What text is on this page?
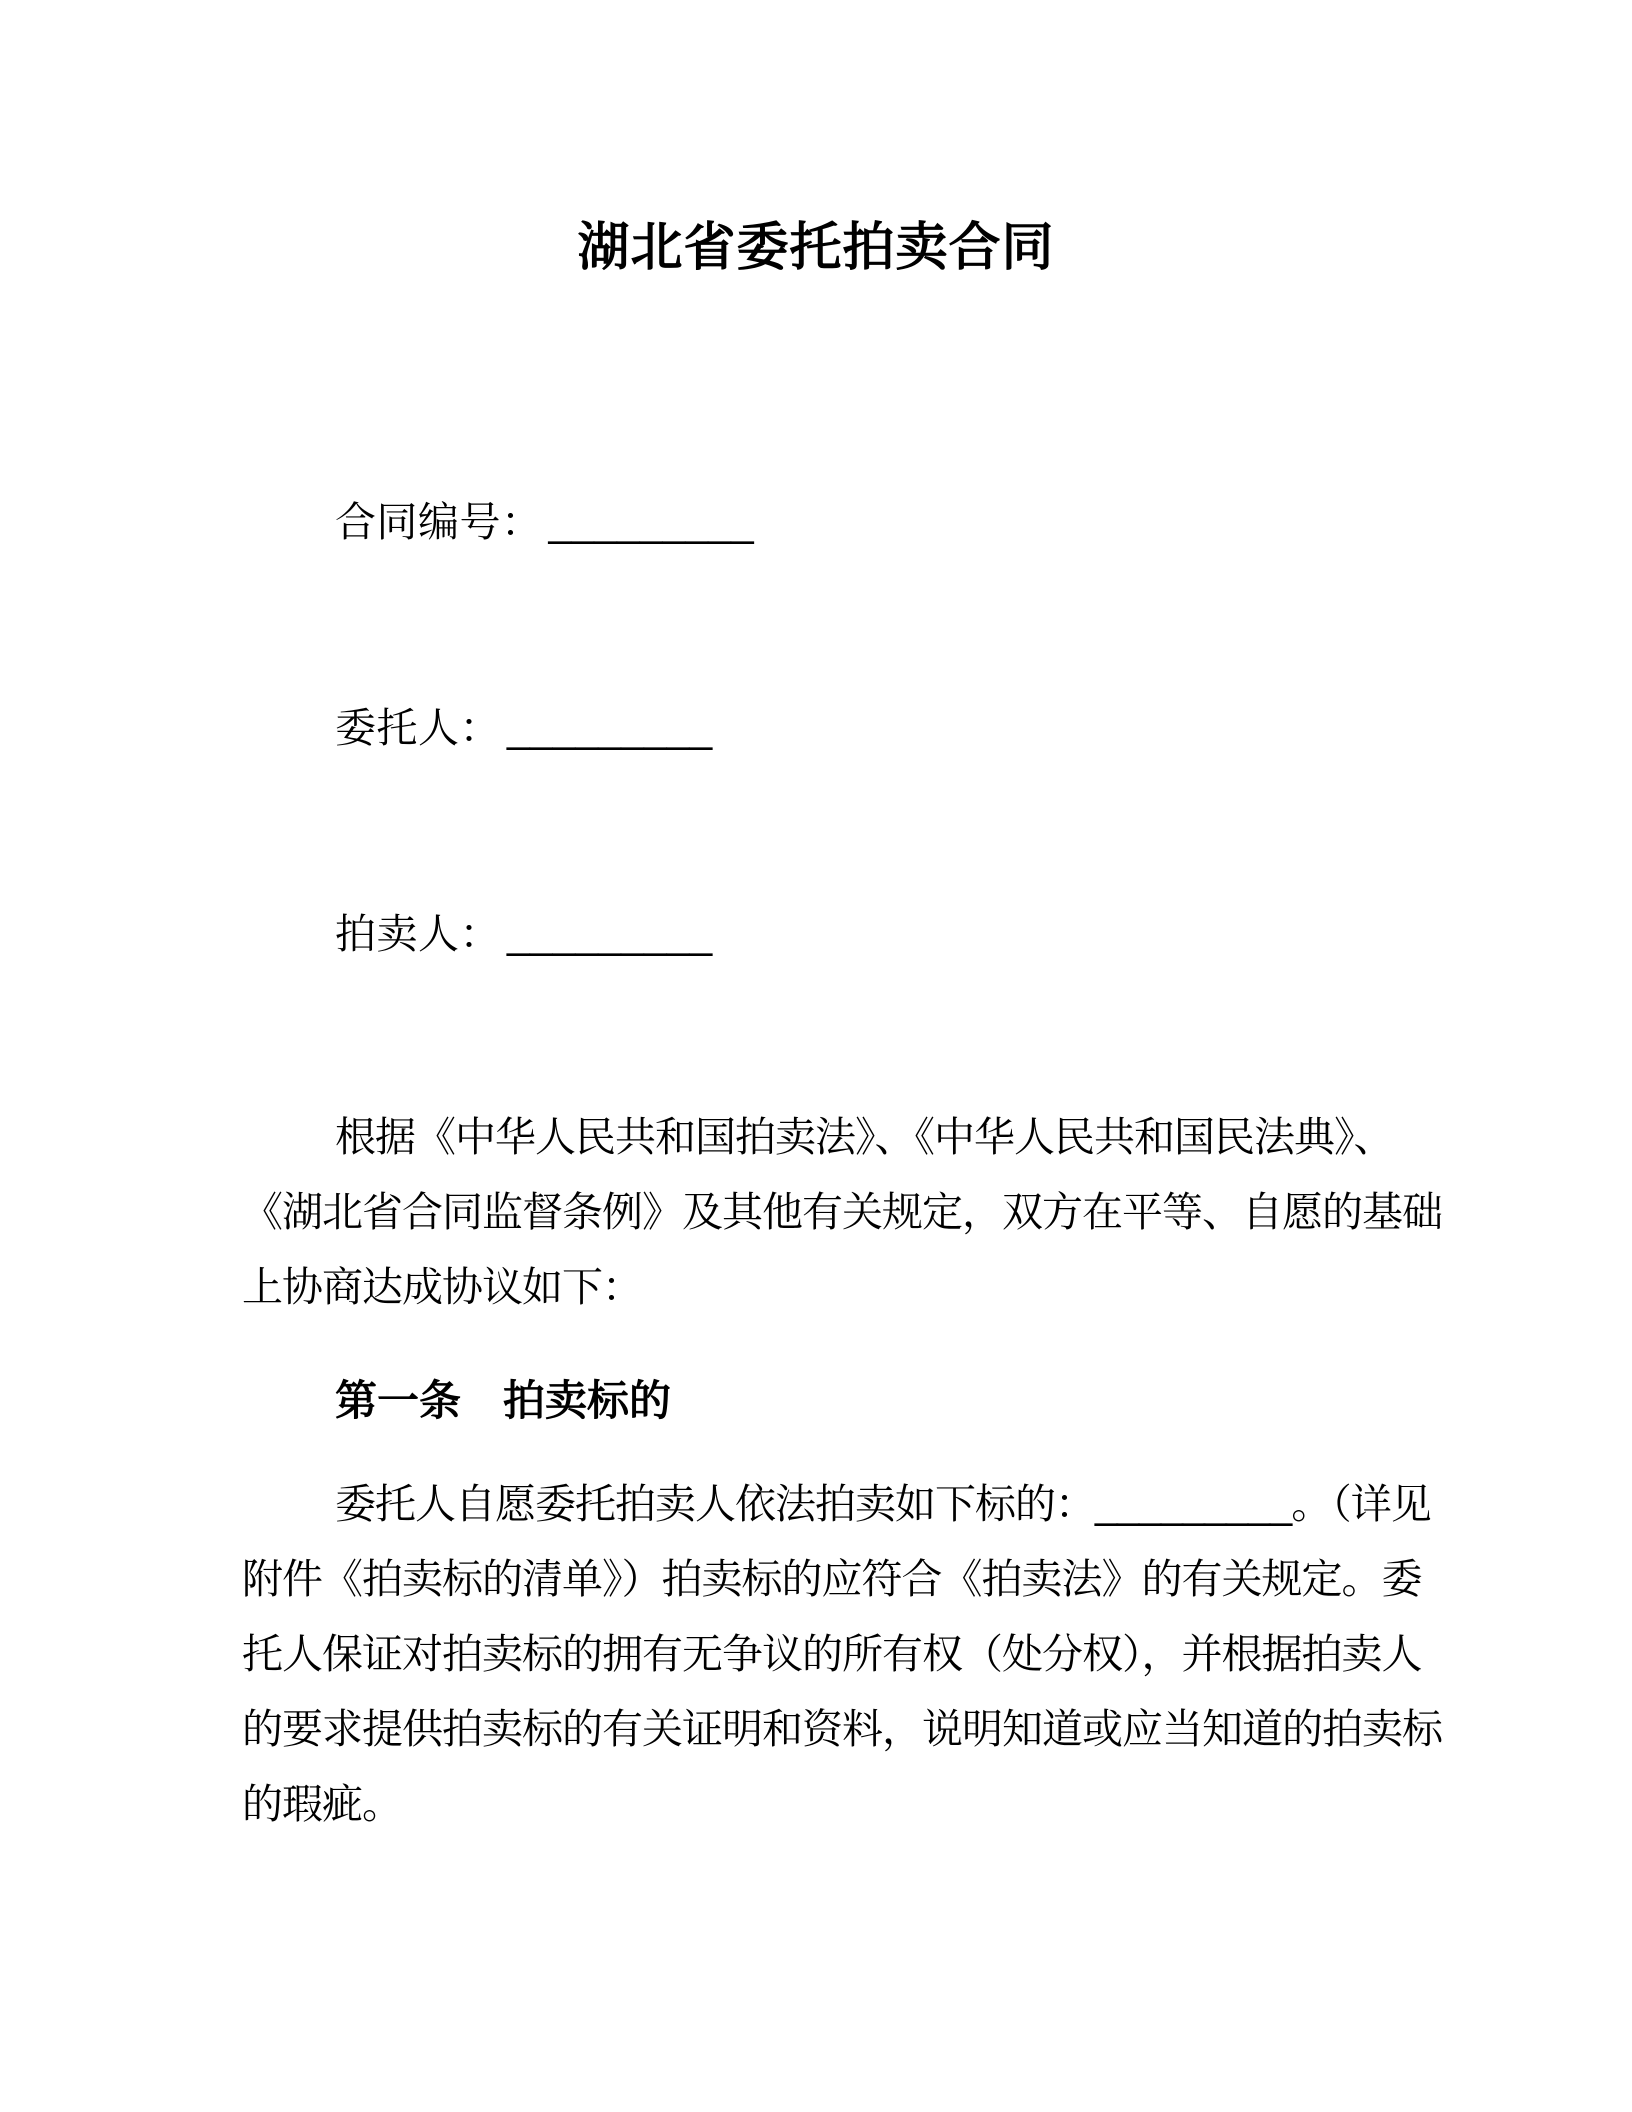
湖北省委托拍卖合同
合同编号： _________
委托人： _________
拍卖人： _________
根据《中华人民共和国拍卖法》、《中华人民共和国民法典》、
《湖北省合同监督条例》及其他有关规定，双方在平等、自愿的基础
上协商达成协议如下：
第一条　拍卖标的
委托人自愿委托拍卖人依法拍卖如下标的：_________。（详见
附件《拍卖标的清单》）拍卖标的应符合《拍卖法》的有关规定。委
托人保证对拍卖标的拥有无争议的所有权（处分权），并根据拍卖人
的要求提供拍卖标的有关证明和资料，说明知道或应当知道的拍卖标
的瑕疵。
